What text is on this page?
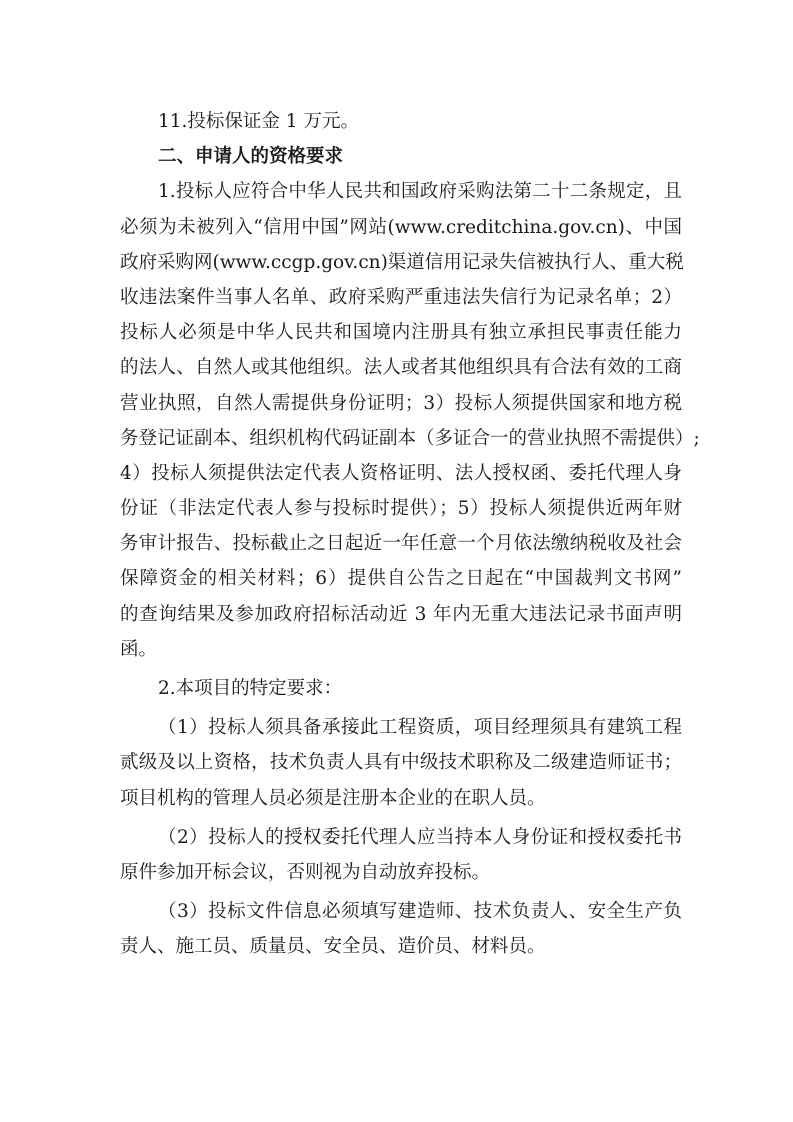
11.投标保证金 1 万元。
二、申请人的资格要求
1.投标人应符合中华人民共和国政府采购法第二十二条规定，且
必须为未被列入“信用中国”网站(www.creditchina.gov.cn)、中国
政府采购网(www.ccgp.gov.cn)渠道信用记录失信被执行人、重大税
收违法案件当事人名单、政府采购严重违法失信行为记录名单；2）
投标人必须是中华人民共和国境内注册具有独立承担民事责任能力
的法人、自然人或其他组织。法人或者其他组织具有合法有效的工商
营业执照，自然人需提供身份证明；3）投标人须提供国家和地方税
务登记证副本、组织机构代码证副本（多证合一的营业执照不需提供）;
4）投标人须提供法定代表人资格证明、法人授权函、委托代理人身
份证（非法定代表人参与投标时提供）；5）投标人须提供近两年财
务审计报告、投标截止之日起近一年任意一个月依法缴纳税收及社会
保障资金的相关材料；6）提供自公告之日起在“中国裁判文书网”
的查询结果及参加政府招标活动近 3 年内无重大违法记录书面声明
函。
2.本项目的特定要求：
（1）投标人须具备承接此工程资质，项目经理须具有建筑工程
贰级及以上资格，技术负责人具有中级技术职称及二级建造师证书；
项目机构的管理人员必须是注册本企业的在职人员。
（2）投标人的授权委托代理人应当持本人身份证和授权委托书
原件参加开标会议，否则视为自动放弃投标。
（3）投标文件信息必须填写建造师、技术负责人、安全生产负
责人、施工员、质量员、安全员、造价员、材料员。
